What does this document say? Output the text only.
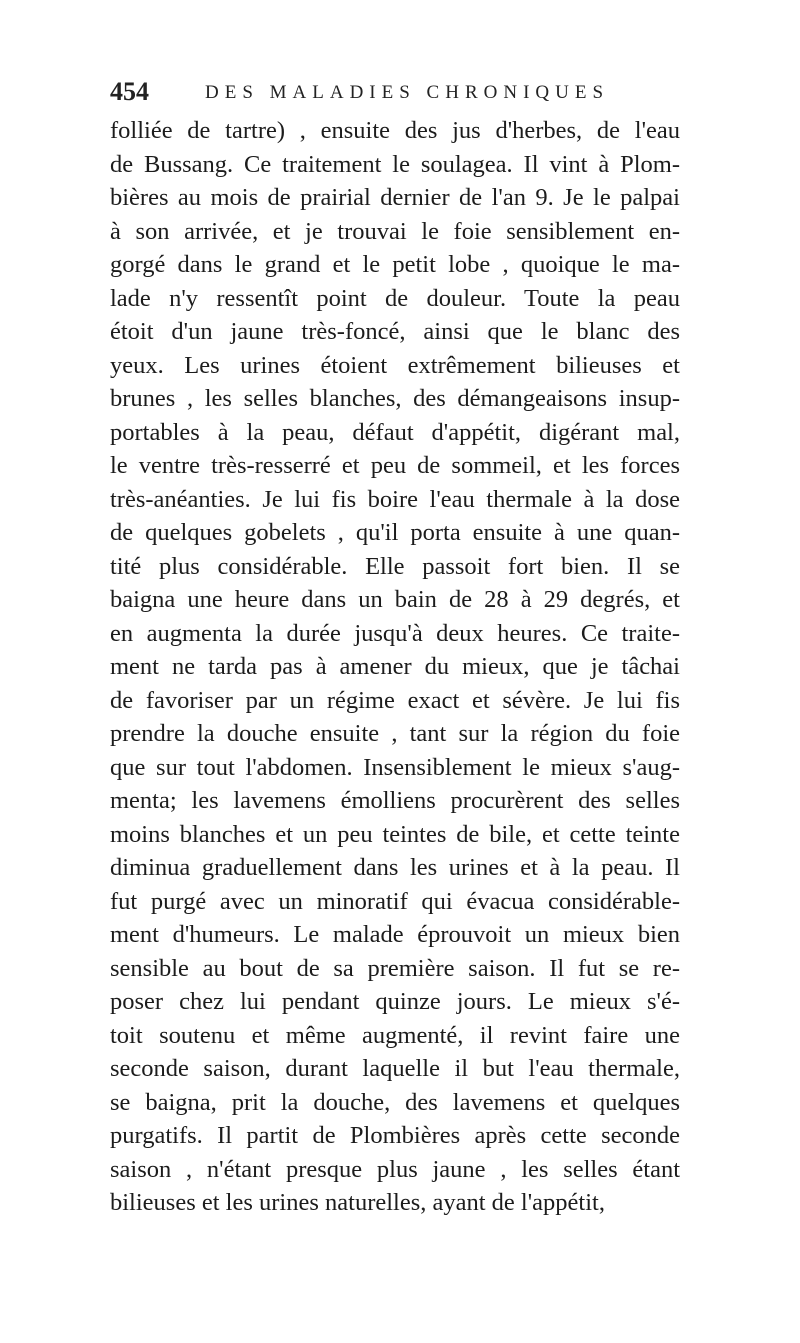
454	DES MALADIES CHRONIQUES
folliée de tartre) , ensuite des jus d'herbes, de l'eau
de Bussang. Ce traitement le soulagea. Il vint à Plom-
bières au mois de prairial dernier de l'an 9. Je le palpai
à son arrivée, et je trouvai le foie sensiblement en-
gorgé dans le grand et le petit lobe , quoique le ma-
lade n'y ressentît point de douleur. Toute la peau
étoit d'un jaune très-foncé, ainsi que le blanc des
yeux. Les urines étoient extrêmement bilieuses et
brunes , les selles blanches, des démangeaisons insup-
portables à la peau, défaut d'appétit, digérant mal,
le ventre très-resserré et peu de sommeil, et les forces
très-anéanties. Je lui fis boire l'eau thermale à la dose
de quelques gobelets , qu'il porta ensuite à une quan-
tité plus considérable. Elle passoit fort bien. Il se
baigna une heure dans un bain de 28 à 29 degrés, et
en augmenta la durée jusqu'à deux heures. Ce traite-
ment ne tarda pas à amener du mieux, que je tâchai
de favoriser par un régime exact et sévère. Je lui fis
prendre la douche ensuite , tant sur la région du foie
que sur tout l'abdomen. Insensiblement le mieux s'aug-
menta; les lavemens émolliens procurèrent des selles
moins blanches et un peu teintes de bile, et cette teinte
diminua graduellement dans les urines et à la peau. Il
fut purgé avec un minoratif qui évacua considérable-
ment d'humeurs. Le malade éprouvoit un mieux bien
sensible au bout de sa première saison. Il fut se re-
poser chez lui pendant quinze jours. Le mieux s'é-
toit soutenu et même augmenté, il revint faire une
seconde saison, durant laquelle il but l'eau thermale,
se baigna, prit la douche, des lavemens et quelques
purgatifs. Il partit de Plombières après cette seconde
saison , n'étant presque plus jaune , les selles étant
bilieuses et les urines naturelles, ayant de l'appétit,
